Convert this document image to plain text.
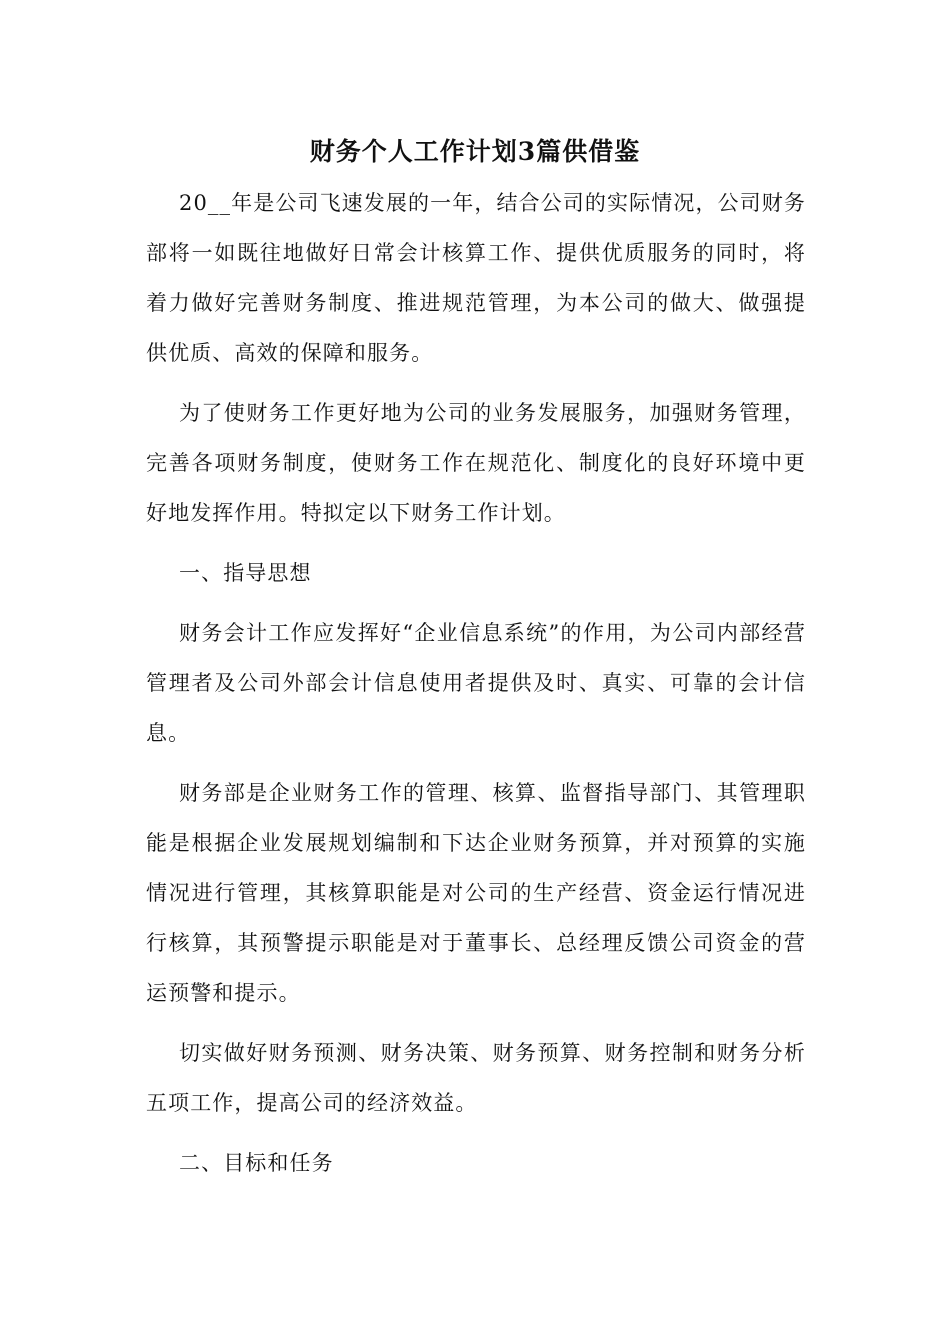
财务个人工作计划3篇供借鉴

20__年是公司飞速发展的一年，结合公司的实际情况，公司财务部将一如既往地做好日常会计核算工作、提供优质服务的同时，将着力做好完善财务制度、推进规范管理，为本公司的做大、做强提供优质、高效的保障和服务。

为了使财务工作更好地为公司的业务发展服务，加强财务管理，完善各项财务制度，使财务工作在规范化、制度化的良好环境中更好地发挥作用。特拟定以下财务工作计划。

一、指导思想

财务会计工作应发挥好“企业信息系统”的作用，为公司内部经营管理者及公司外部会计信息使用者提供及时、真实、可靠的会计信息。

财务部是企业财务工作的管理、核算、监督指导部门、其管理职能是根据企业发展规划编制和下达企业财务预算，并对预算的实施情况进行管理，其核算职能是对公司的生产经营、资金运行情况进行核算，其预警提示职能是对于董事长、总经理反馈公司资金的营运预警和提示。

切实做好财务预测、财务决策、财务预算、财务控制和财务分析五项工作，提高公司的经济效益。

二、目标和任务
